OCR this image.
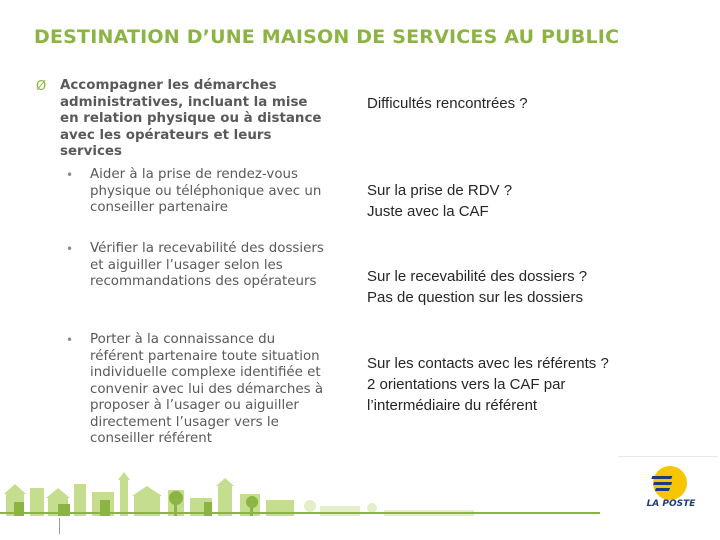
DESTINATION D’UNE MAISON DE SERVICES AU PUBLIC
Ø Accompagner les démarches administratives, incluant la mise en relation physique ou à distance avec les opérateurs et leurs services
• Aider à la prise de rendez-vous physique ou téléphonique avec un conseiller partenaire
• Vérifier la recevabilité des dossiers et aiguiller l’usager selon les recommandations des opérateurs
• Porter à la connaissance du référent partenaire toute situation individuelle complexe identifiée et convenir avec lui des démarches à proposer à l’usager ou aiguiller directement l’usager vers le conseiller référent
Difficultés rencontrées ?
Sur la prise de RDV ?
Juste avec la CAF
Sur le recevabilité des dossiers ?
Pas de question sur les dossiers
Sur les contacts avec les référents ?
2 orientations vers la CAF par l’intermédiaire du référent
LA POSTE
